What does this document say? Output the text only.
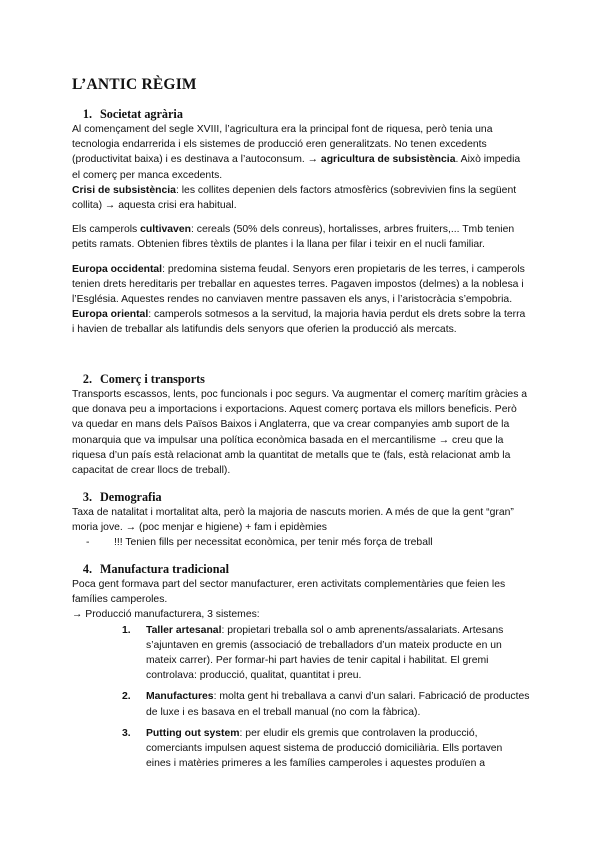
L’ANTIC RÈGIM
1. Societat agrària

Al començament del segle XVIII, l’agricultura era la principal font de riquesa, però tenia una tecnologia endarrerida i els sistemes de producció eren generalitzats. No tenen excedents (productivitat baixa) i es destinava a l’autoconsum. → agricultura de subsistència. Això impedia el comerç per manca excedents.

Crisi de subsistència: les collites depenien dels factors atmosfèrics (sobrevivien fins la següent collita) → aquesta crisi era habitual.

Els camperols cultivaven: cereals (50% dels conreus), hortalisses, arbres fruiters,... Tmb tenien petits ramats. Obtenien fibres tèxtils de plantes i la llana per filar i teixir en el nucli familiar.

Europa occidental: predomina sistema feudal. Senyors eren propietaris de les terres, i camperols tenien drets hereditaris per treballar en aquestes terres. Pagaven impostos (delmes) a la noblesa i l’Església. Aquestes rendes no canviaven mentre passaven els anys, i l’aristocràcia s’empobria.

Europa oriental: camperols sotmesos a la servitud, la majoria havia perdut els drets sobre la terra i havien de treballar als latifundis dels senyors que oferien la producció als mercats.

2. Comerç i transports

Transports escassos, lents, poc funcionals i poc segurs. Va augmentar el comerç marítim gràcies a que donava peu a importacions i exportacions. Aquest comerç portava els millors beneficis. Però va quedar en mans dels Països Baixos i Anglaterra, que va crear companyies amb suport de la monarquia que va impulsar una política econòmica basada en el mercantilisme → creu que la riquesa d’un país està relacionat amb la quantitat de metalls que te (fals, està relacionat amb la capacitat de crear llocs de treball).

3. Demografia

Taxa de natalitat i mortalitat alta, però la majoria de nascuts morien. A més de que la gent “gran” moria jove. → (poc menjar e higiene) + fam i epidèmies

- !!! Tenien fills per necessitat econòmica, per tenir més força de treball
4. Manufactura tradicional

Poca gent formava part del sector manufacturer, eren activitats complementàries que feien les famílies camperoles.

→ Producció manufacturera, 3 sistemes:

1. Taller artesanal: propietari treballa sol o amb aprenents/assalariats. Artesans s’ajuntaven en gremis (associació de treballadors d’un mateix producte en un mateix carrer). Per formar-hi part havies de tenir capital i habilitat. El gremi controlava: producció, qualitat, quantitat i preu.
2. Manufactures: molta gent hi treballava a canvi d’un salari. Fabricació de productes de luxe i es basava en el treball manual (no com la fàbrica).
3. Putting out system: per eludir els gremis que controlaven la producció, comerciants impulsen aquest sistema de producció domiciliària. Ells portaven eines i matèries primeres a les famílies camperoles i aquestes produïen a
